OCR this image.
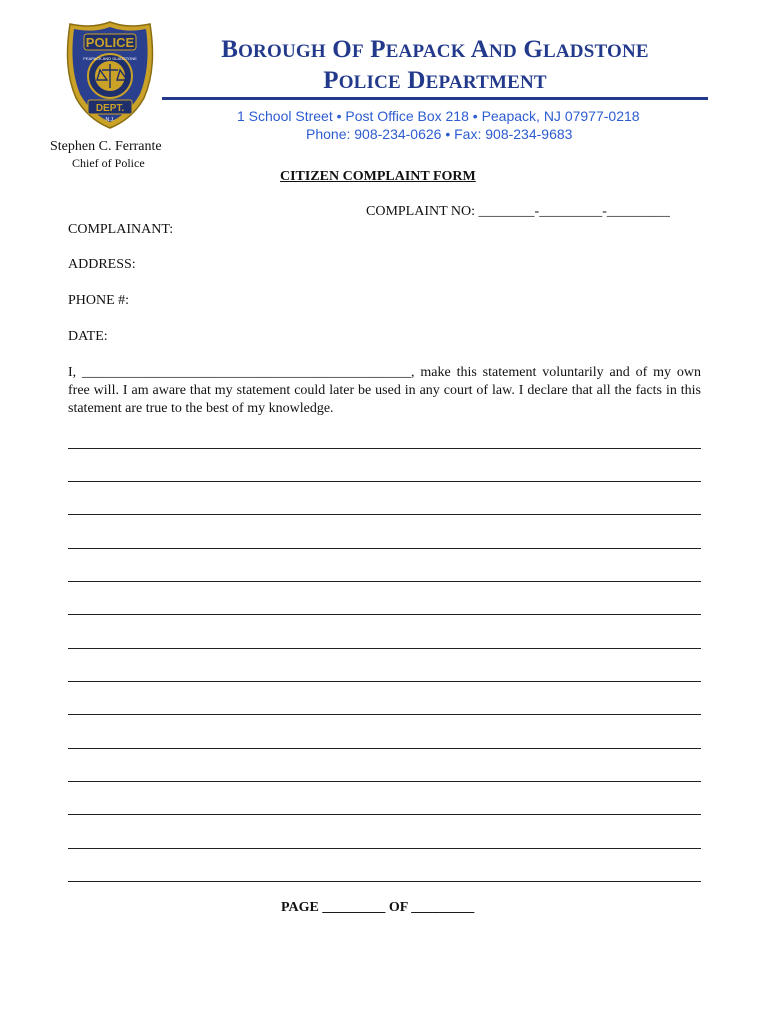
POLICE
DEPT.
N.J.
PEAPACK AND GLADSTONE	BOROUGH OF PEAPACK AND GLADSTONE
POLICE DEPARTMENT
1 School Street • Post Office Box 218 • Peapack, NJ 07977-0218
Phone: 908-234-0626 • Fax: 908-234-9683
Stephen C. Ferrante
Chief of Police
CITIZEN COMPLAINT FORM
COMPLAINT NO: ________-_________-_________
COMPLAINANT:
ADDRESS:
PHONE #:
DATE:
I, _______________________________________________, make this statement voluntarily and of my own free will. I am aware that my statement could later be used in any court of law. I declare that all the facts in this statement are true to the best of my knowledge.
PAGE _________ OF _________
